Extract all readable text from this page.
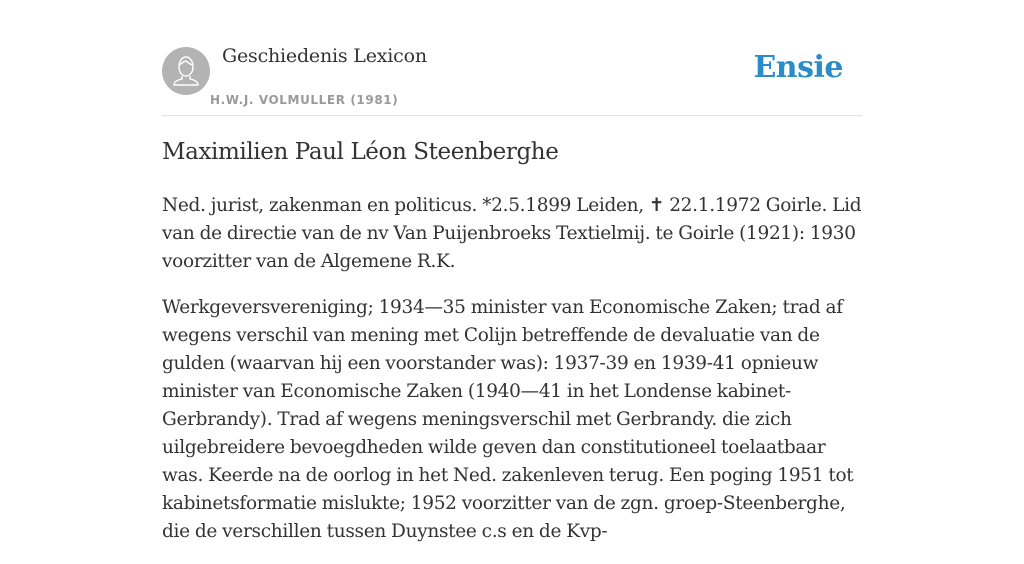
Geschiedenis Lexicon
H.W.J. VOLMULLER (1981)
Ensie
Maximilien Paul Léon Steenberghe

Ned. jurist, zakenman en politicus. *2.5.1899 Leiden, ✝ 22.1.1972 Goirle. Lid van de directie van de nv Van Puijenbroeks Textielmij. te Goirle (1921): 1930 voorzitter van de Algemene R.K.

Werkgeversvereniging; 1934—35 minister van Economische Zaken; trad af wegens verschil van mening met Colijn betreffende de devaluatie van de gulden (waarvan hij een voorstander was): 1937-39 en 1939-41 opnieuw minister van Economische Zaken (1940—41 in het Londense kabinet-Gerbrandy). Trad af wegens meningsverschil met Gerbrandy. die zich uilgebreidere bevoegdheden wilde geven dan constitutioneel toelaatbaar was. Keerde na de oorlog in het Ned. zakenleven terug. Een poging 1951 tot kabinetsformatie mislukte; 1952 voorzitter van de zgn. groep-Steenberghe, die de verschillen tussen Duynstee c.s en de Kvp-
